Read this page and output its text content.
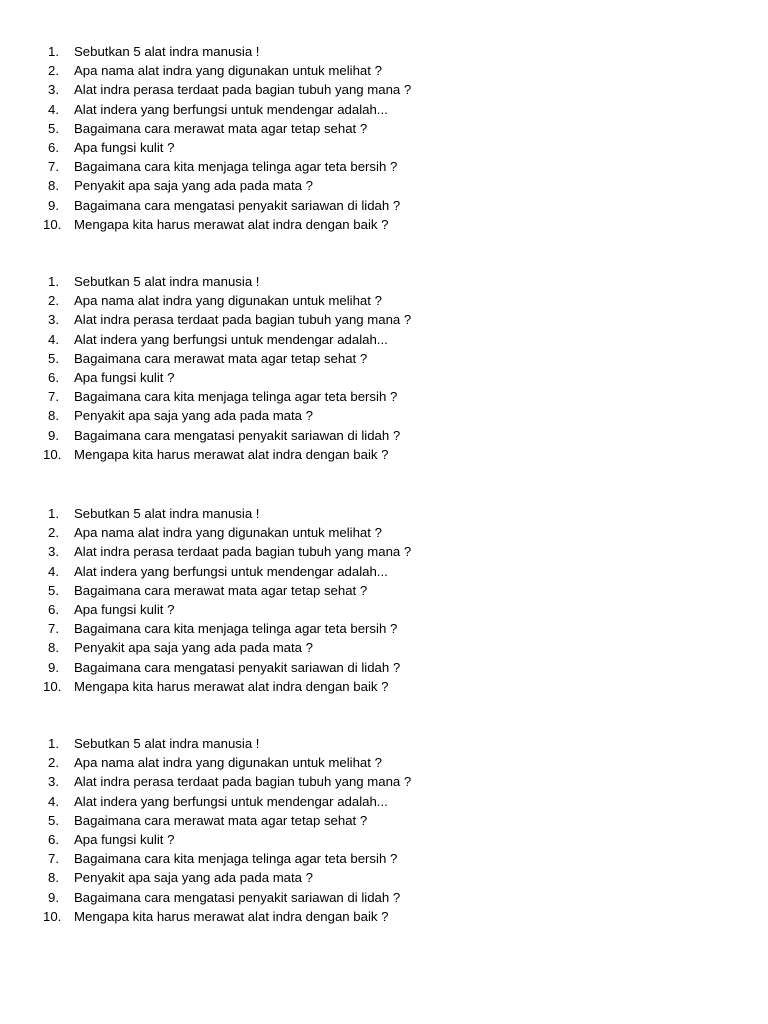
1.	Sebutkan 5 alat indra manusia !
2.	Apa nama alat indra yang digunakan untuk melihat ?
3.	Alat indra perasa terdaat pada bagian tubuh yang mana ?
4.	Alat indera yang berfungsi untuk mendengar adalah...
5.	Bagaimana cara merawat mata agar tetap sehat ?
6.	Apa fungsi kulit ?
7.	Bagaimana cara kita menjaga telinga agar teta bersih ?
8.	Penyakit apa saja yang ada pada mata ?
9.	Bagaimana cara mengatasi penyakit sariawan di lidah ?
10. Mengapa kita harus merawat alat indra dengan baik ?
1.	Sebutkan 5 alat indra manusia !
2.	Apa nama alat indra yang digunakan untuk melihat ?
3.	Alat indra perasa terdaat pada bagian tubuh yang mana ?
4.	Alat indera yang berfungsi untuk mendengar adalah...
5.	Bagaimana cara merawat mata agar tetap sehat ?
6.	Apa fungsi kulit ?
7.	Bagaimana cara kita menjaga telinga agar teta bersih ?
8.	Penyakit apa saja yang ada pada mata ?
9.	Bagaimana cara mengatasi penyakit sariawan di lidah ?
10. Mengapa kita harus merawat alat indra dengan baik ?
1.	Sebutkan 5 alat indra manusia !
2.	Apa nama alat indra yang digunakan untuk melihat ?
3.	Alat indra perasa terdaat pada bagian tubuh yang mana ?
4.	Alat indera yang berfungsi untuk mendengar adalah...
5.	Bagaimana cara merawat mata agar tetap sehat ?
6.	Apa fungsi kulit ?
7.	Bagaimana cara kita menjaga telinga agar teta bersih ?
8.	Penyakit apa saja yang ada pada mata ?
9.	Bagaimana cara mengatasi penyakit sariawan di lidah ?
10. Mengapa kita harus merawat alat indra dengan baik ?
1.	Sebutkan 5 alat indra manusia !
2.	Apa nama alat indra yang digunakan untuk melihat ?
3.	Alat indra perasa terdaat pada bagian tubuh yang mana ?
4.	Alat indera yang berfungsi untuk mendengar adalah...
5.	Bagaimana cara merawat mata agar tetap sehat ?
6.	Apa fungsi kulit ?
7.	Bagaimana cara kita menjaga telinga agar teta bersih ?
8.	Penyakit apa saja yang ada pada mata ?
9.	Bagaimana cara mengatasi penyakit sariawan di lidah ?
10. Mengapa kita harus merawat alat indra dengan baik ?
